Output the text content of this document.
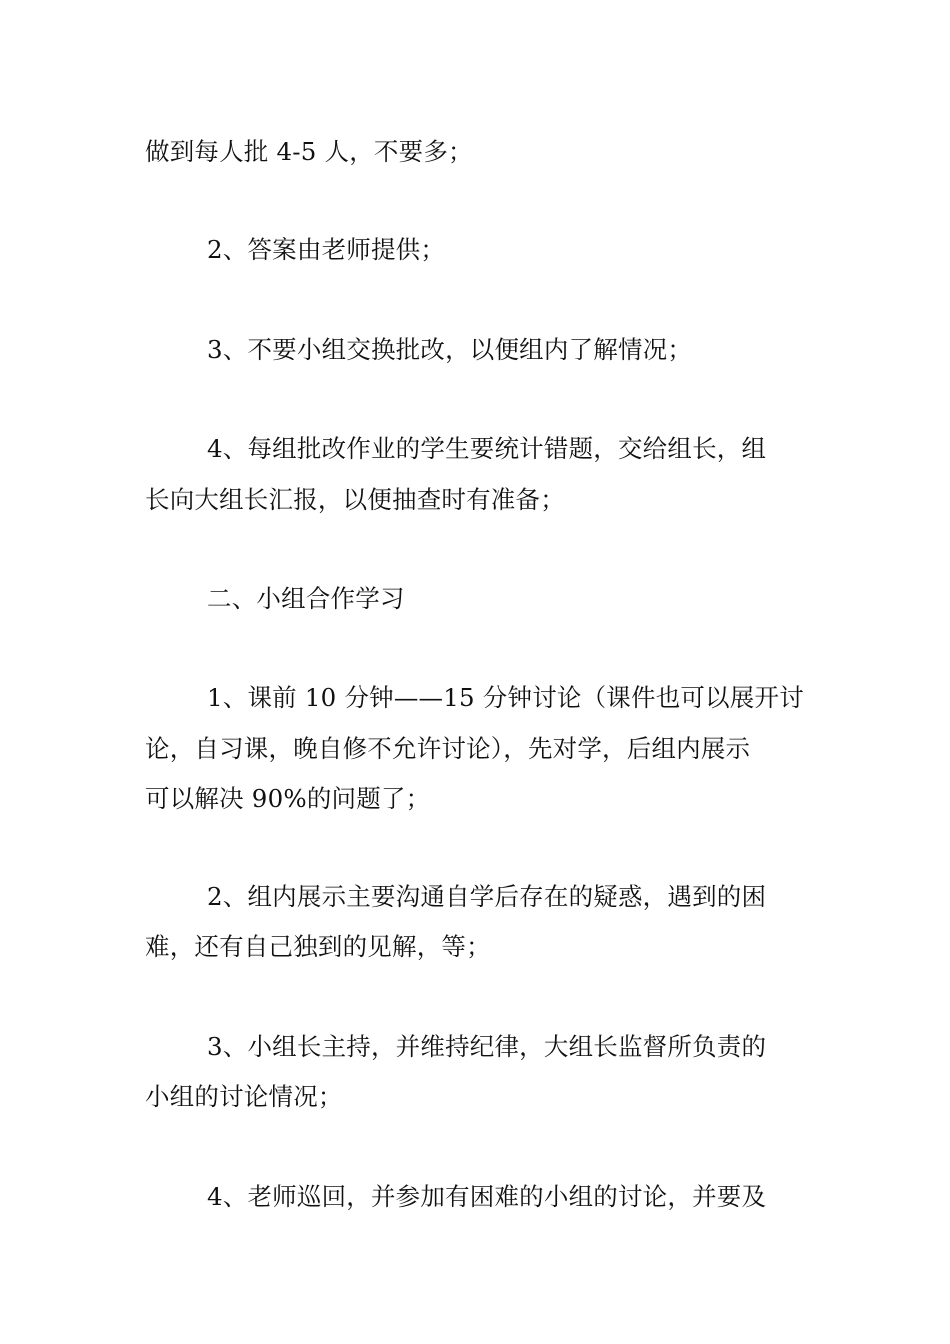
做到每人批 4-5 人，不要多；
2、答案由老师提供；
3、不要小组交换批改，以便组内了解情况；
4、每组批改作业的学生要统计错题，交给组长，组
长向大组长汇报，以便抽查时有准备；
二、小组合作学习
1、课前 10 分钟——15 分钟讨论（课件也可以展开讨
论，自习课，晚自修不允许讨论），先对学，后组内展示
可以解决 90%的问题了；
2、组内展示主要沟通自学后存在的疑惑，遇到的困
难，还有自己独到的见解，等；
3、小组长主持，并维持纪律，大组长监督所负责的
小组的讨论情况；
4、老师巡回，并参加有困难的小组的讨论，并要及
